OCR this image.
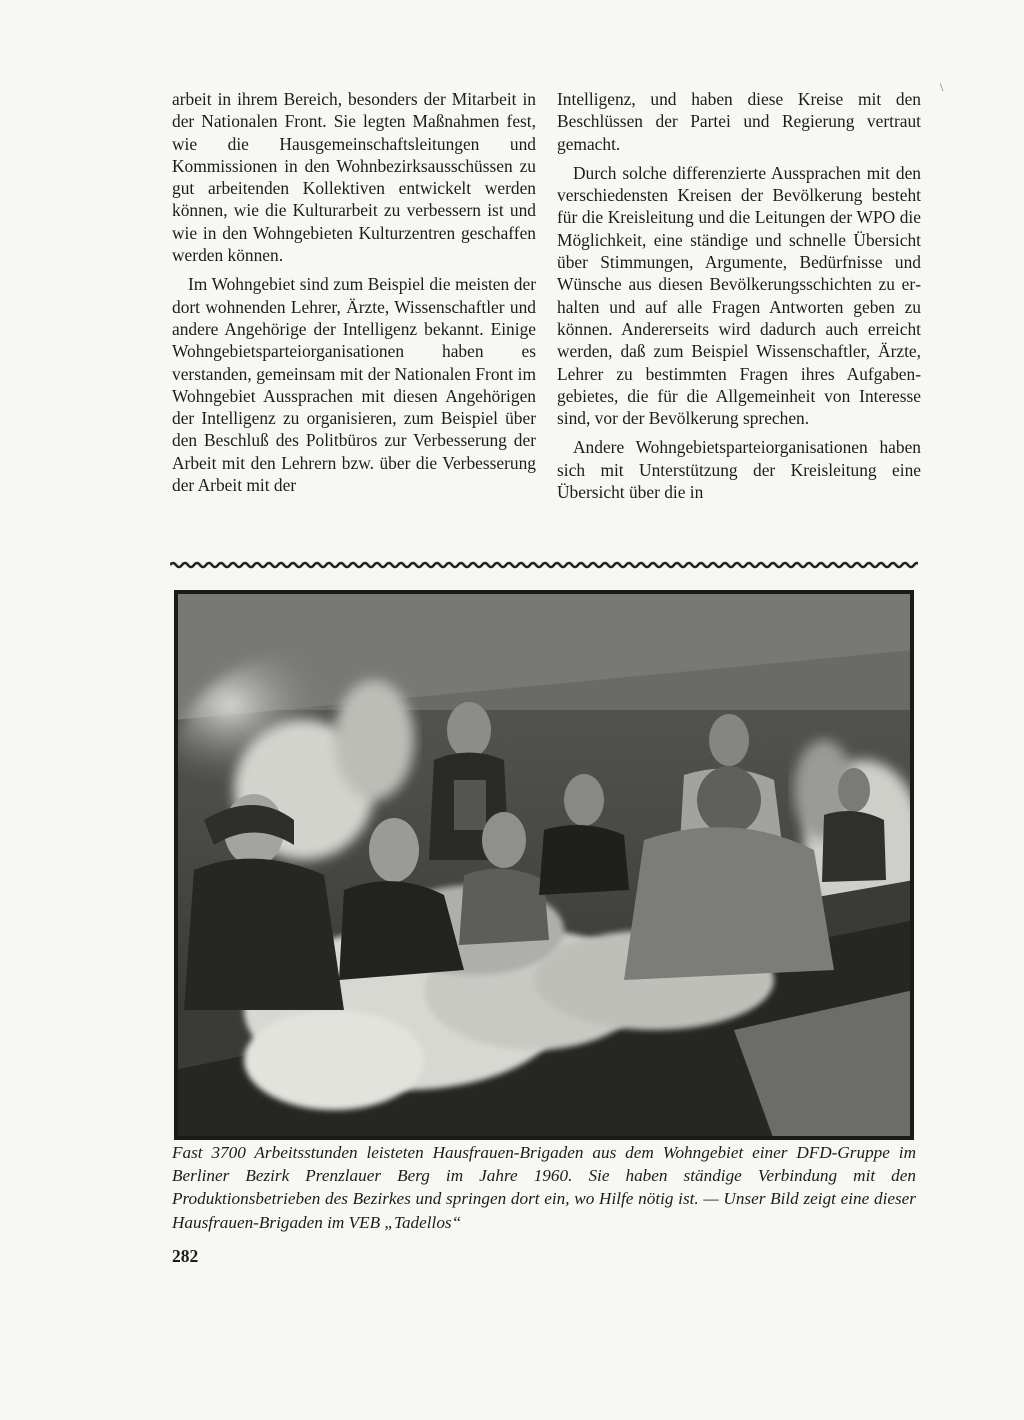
arbeit in ihrem Bereich, besonders der Mitarbeit in der Nationalen Front. Sie legten Maßnahmen fest, wie die Hausgemeinschaftsleitungen und Kommissionen in den Wohnbezirksausschüssen zu gut arbeitenden Kollektiven entwickelt werden können, wie die Kulturarbeit zu verbessern ist und wie in den Wohngebieten Kulturzentren geschaffen werden können.

Im Wohngebiet sind zum Beispiel die meisten der dort wohnenden Lehrer, Ärzte, Wissenschaftler und andere Angehörige der Intelligenz bekannt. Einige Wohngebietsparteiorganisationen haben es verstanden, gemeinsam mit der Nationalen Front im Wohngebiet Aussprachen mit diesen Angehörigen der Intelligenz zu organisieren, zum Beispiel über den Beschluß des Politbüros zur Verbesserung der Arbeit mit den Lehrern bzw. über die Verbesserung der Arbeit mit der

Intelligenz, und haben diese Kreise mit den Beschlüssen der Partei und Regierung vertraut gemacht.

Durch solche differenzierte Aussprachen mit den verschiedensten Kreisen der Bevölkerung besteht für die Kreisleitung und die Leitungen der WPO die Möglichkeit, eine ständige und schnelle Übersicht über Stimmungen, Argumente, Bedürfnisse und Wünsche aus diesen Bevölkerungsschichten zu erhalten und auf alle Fragen Antworten geben zu können. Andererseits wird dadurch auch erreicht werden, daß zum Beispiel Wissenschaftler, Ärzte, Lehrer zu bestimmten Fragen ihres Aufgabengebietes, die für die Allgemeinheit von Interesse sind, vor der Bevölkerung sprechen.

Andere Wohngebietsparteiorganisationen haben sich mit Unterstützung der Kreisleitung eine Übersicht über die in

Fast 3700 Arbeitsstunden leisteten Hausfrauen-Brigaden aus dem Wohngebiet einer DFD-Gruppe im Berliner Bezirk Prenzlauer Berg im Jahre 1960. Sie haben ständige Verbindung mit den Produktionsbetrieben des Bezirkes und springen dort ein, wo Hilfe nötig ist. — Unser Bild zeigt eine dieser Hausfrauen-Brigaden im VEB „Tadellos“
282
\
